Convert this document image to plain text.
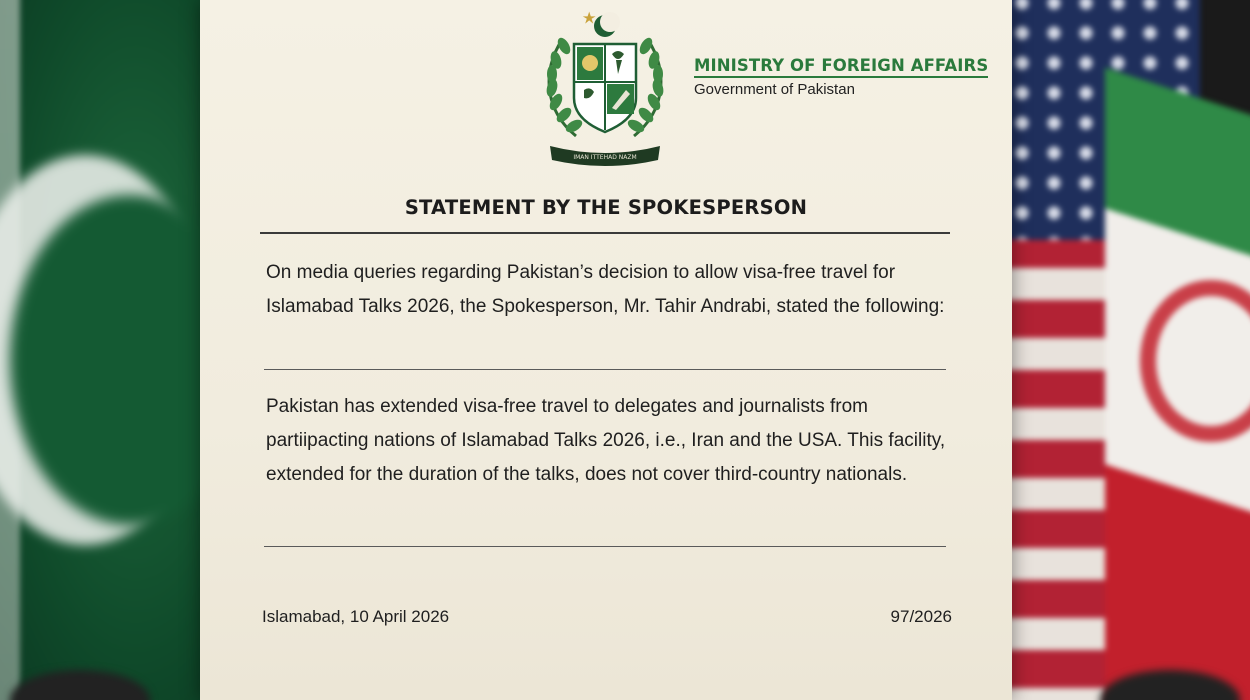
IMAN ITTEHAD NAZM
MINISTRY OF FOREIGN AFFAIRS
Government of Pakistan
STATEMENT BY THE SPOKESPERSON
On media queries regarding Pakistan’s decision to allow visa-free travel for Islamabad Talks 2026, the Spokesperson, Mr. Tahir Andrabi, stated the following:
Pakistan has extended visa-free travel to delegates and journalists from partiipacting nations of Islamabad Talks 2026, i.e., Iran and the USA. This facility, extended for the duration of the talks, does not cover third-country nationals.
Islamabad, 10 April 2026	97/2026
